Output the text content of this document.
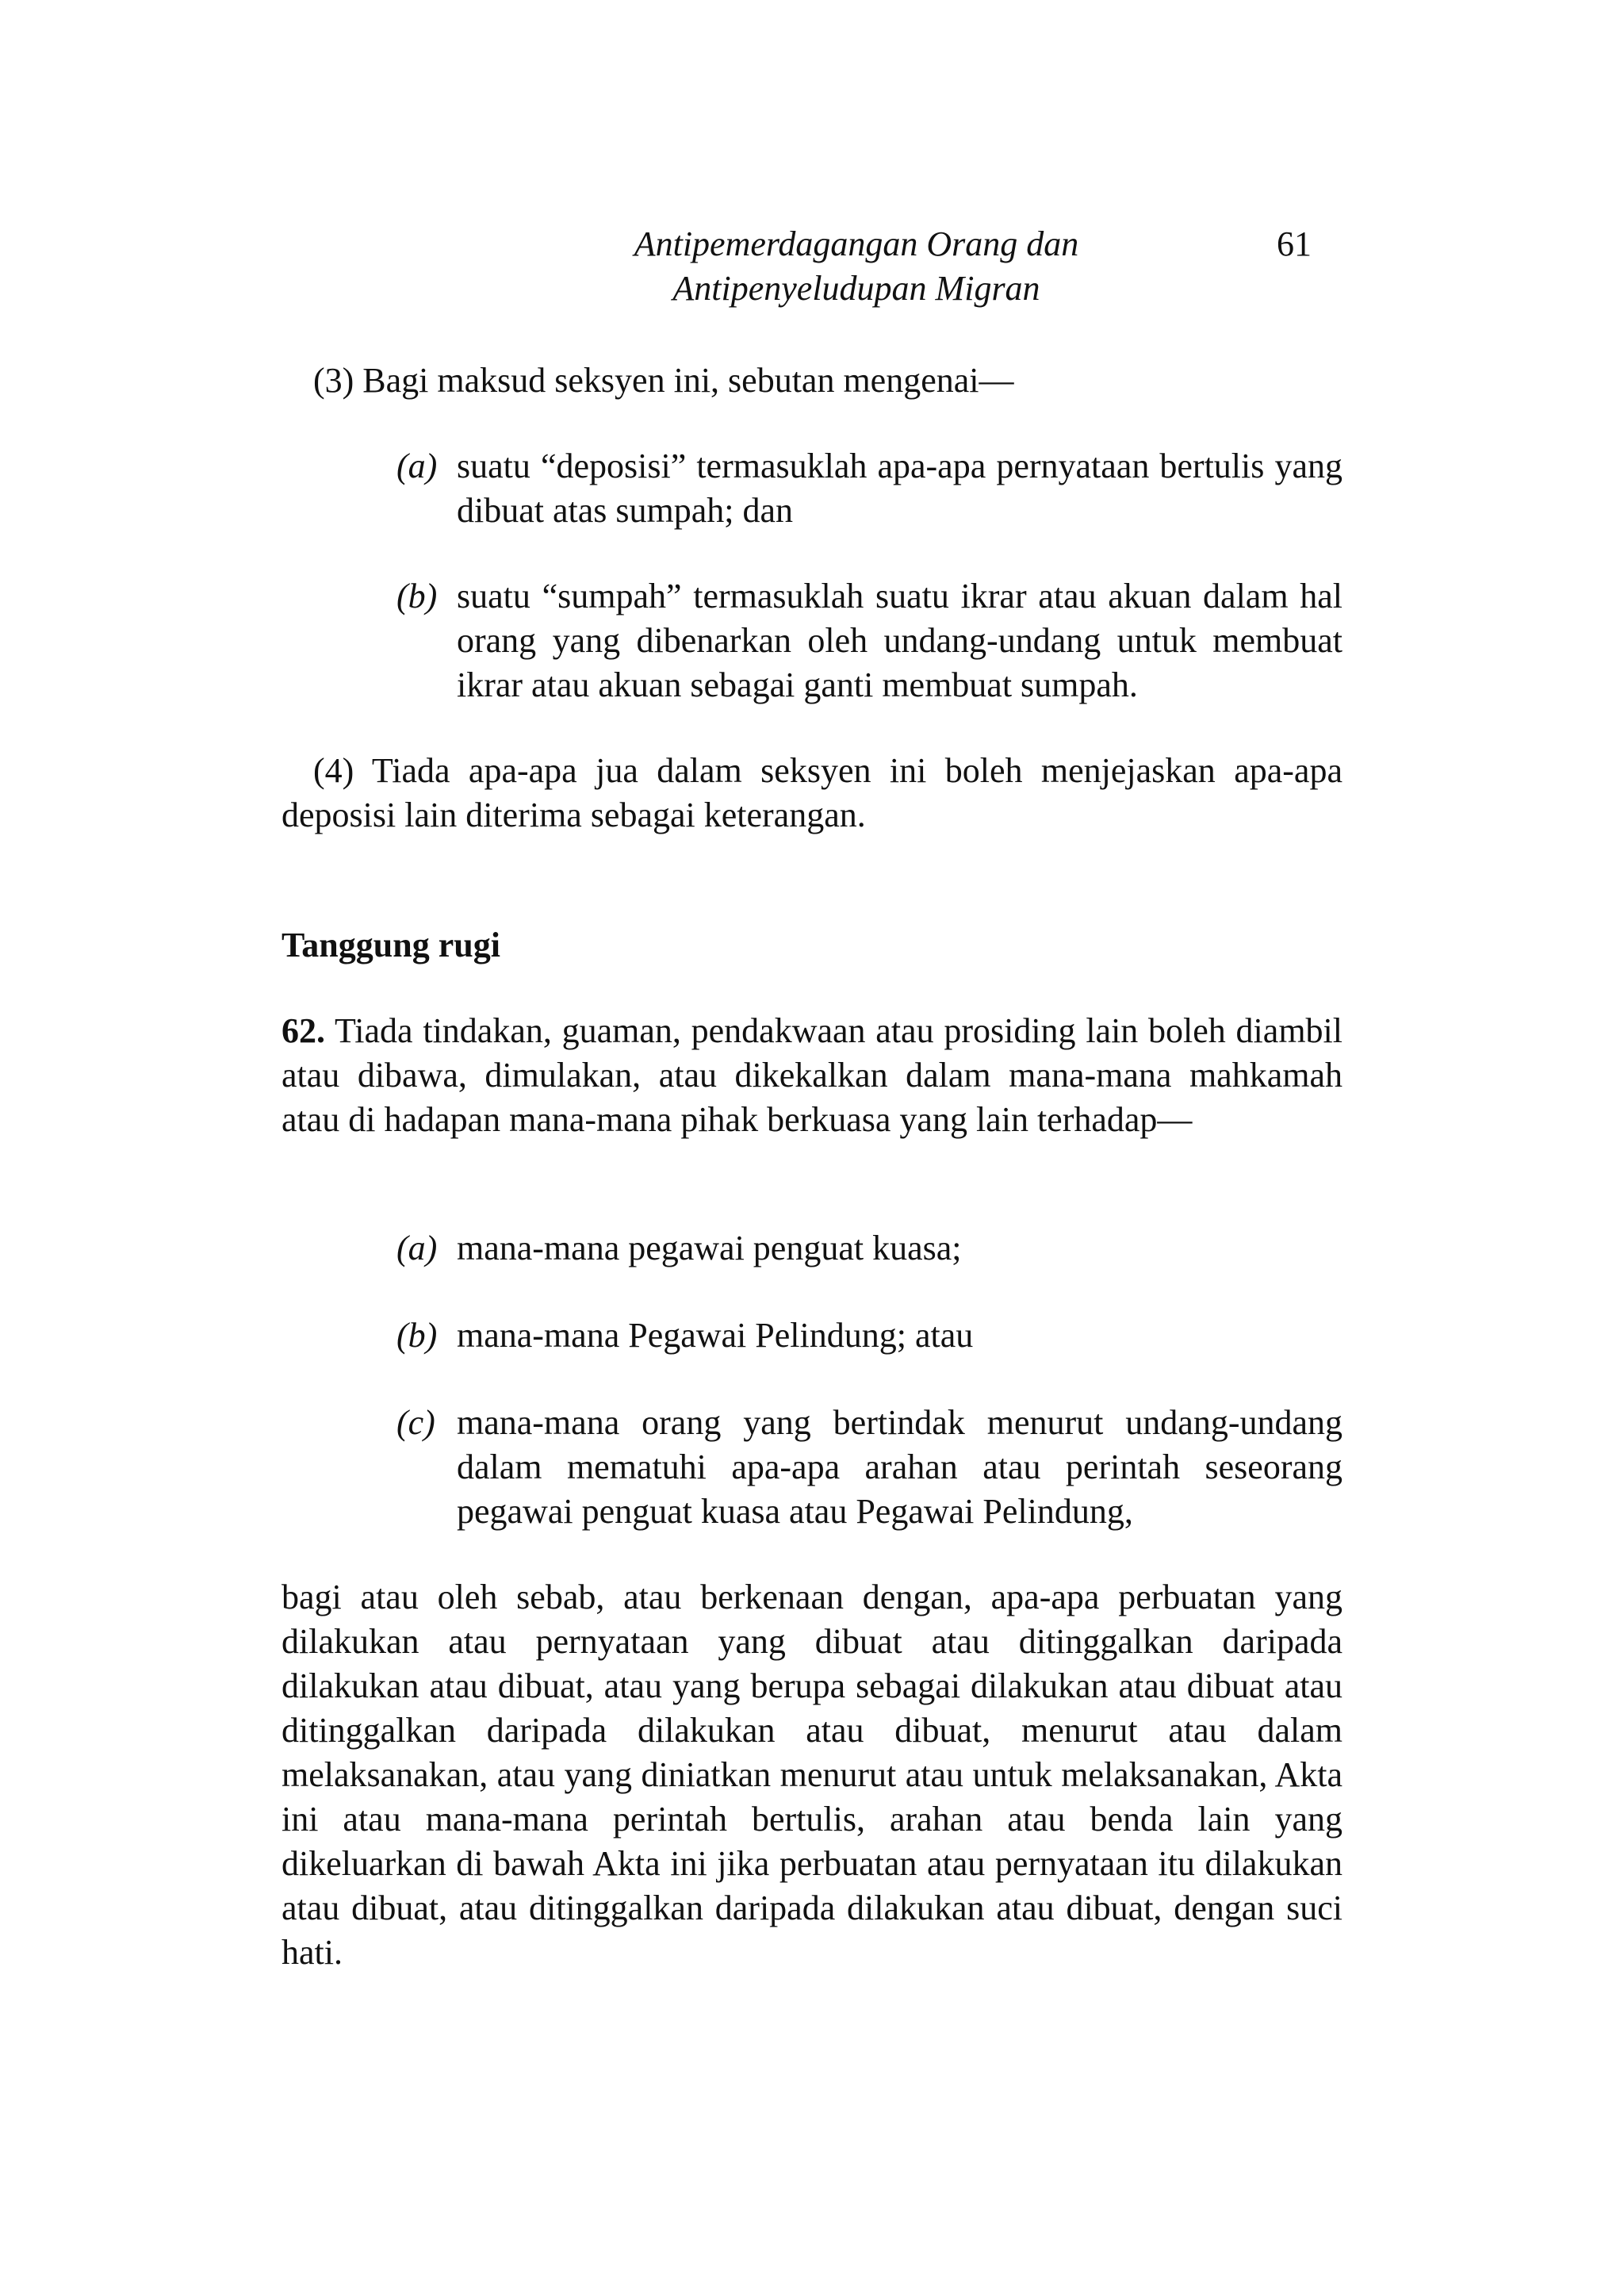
Antipemerdagangan Orang dan
Antipenyeludupan Migran
61
(3) Bagi maksud seksyen ini, sebutan mengenai—
(a) suatu “deposisi” termasuklah apa-apa pernyataan bertulis yang dibuat atas sumpah; dan
(b) suatu “sumpah” termasuklah suatu ikrar atau akuan dalam hal orang yang dibenarkan oleh undang-undang untuk membuat ikrar atau akuan sebagai ganti membuat sumpah.
(4) Tiada apa-apa jua dalam seksyen ini boleh menjejaskan apa-apa deposisi lain diterima sebagai keterangan.
Tanggung rugi
62. Tiada tindakan, guaman, pendakwaan atau prosiding lain boleh diambil atau dibawa, dimulakan, atau dikekalkan dalam mana-mana mahkamah atau di hadapan mana-mana pihak berkuasa yang lain terhadap—
(a) mana-mana pegawai penguat kuasa;
(b) mana-mana Pegawai Pelindung; atau
(c) mana-mana orang yang bertindak menurut undang-undang dalam mematuhi apa-apa arahan atau perintah seseorang pegawai penguat kuasa atau Pegawai Pelindung,
bagi atau oleh sebab, atau berkenaan dengan, apa-apa perbuatan yang dilakukan atau pernyataan yang dibuat atau ditinggalkan daripada dilakukan atau dibuat, atau yang berupa sebagai dilakukan atau dibuat atau ditinggalkan daripada dilakukan atau dibuat, menurut atau dalam melaksanakan, atau yang diniatkan menurut atau untuk melaksanakan, Akta ini atau mana-mana perintah bertulis, arahan atau benda lain yang dikeluarkan di bawah Akta ini jika perbuatan atau pernyataan itu dilakukan atau dibuat, atau ditinggalkan daripada dilakukan atau dibuat, dengan suci hati.
